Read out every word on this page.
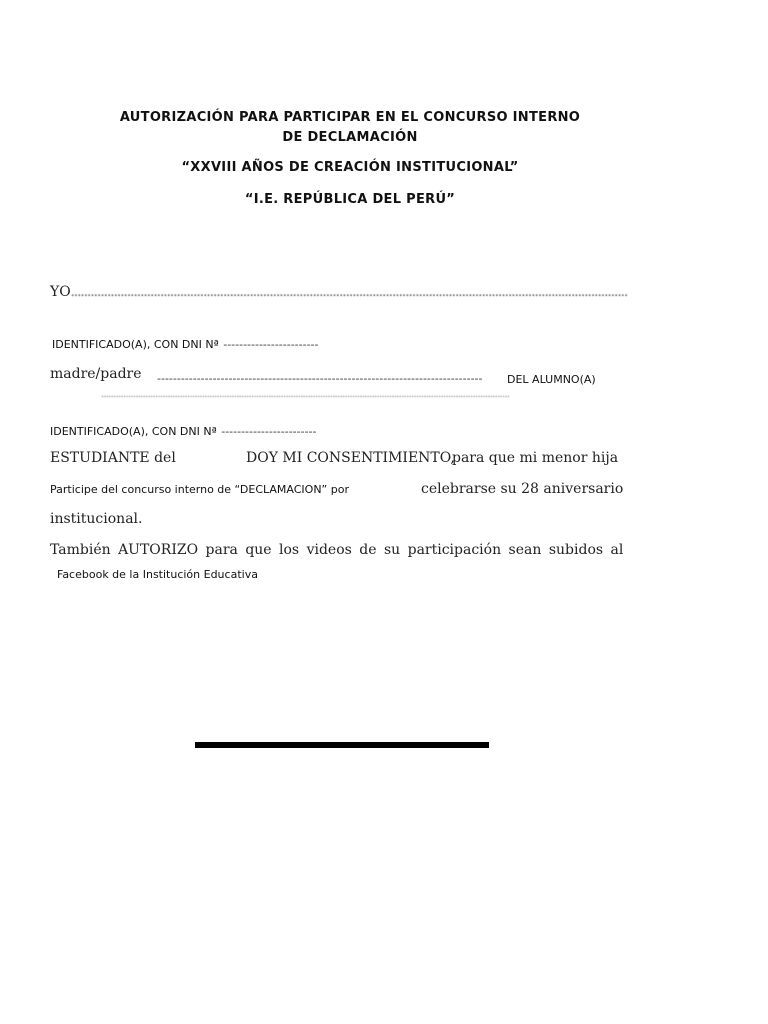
AUTORIZACIÓN PARA PARTICIPAR EN EL CONCURSO INTERNO
DE DECLAMACIÓN
“XXVIII AÑOS DE CREACIÓN INSTITUCIONAL”
“I.E. REPÚBLICA DEL PERÚ”
YO........................................................................................................................................................................
IDENTIFICADO(A), CON DNI Nª ------------------------
madre/padre ---------------------------------------------------------------------------------- DEL ALUMNO(A)
......................................................................................................................................................................
IDENTIFICADO(A), CON DNI Nª ------------------------
ESTUDIANTE del	DOY MI CONSENTIMIENTO,
para que mi menor hija
Participe del concurso interno de “DECLAMACION” por	celebrarse su 28 aniversario
institucional.
También AUTORIZO para que los videos de su participación sean subidos al
Facebook de la Institución Educativa
